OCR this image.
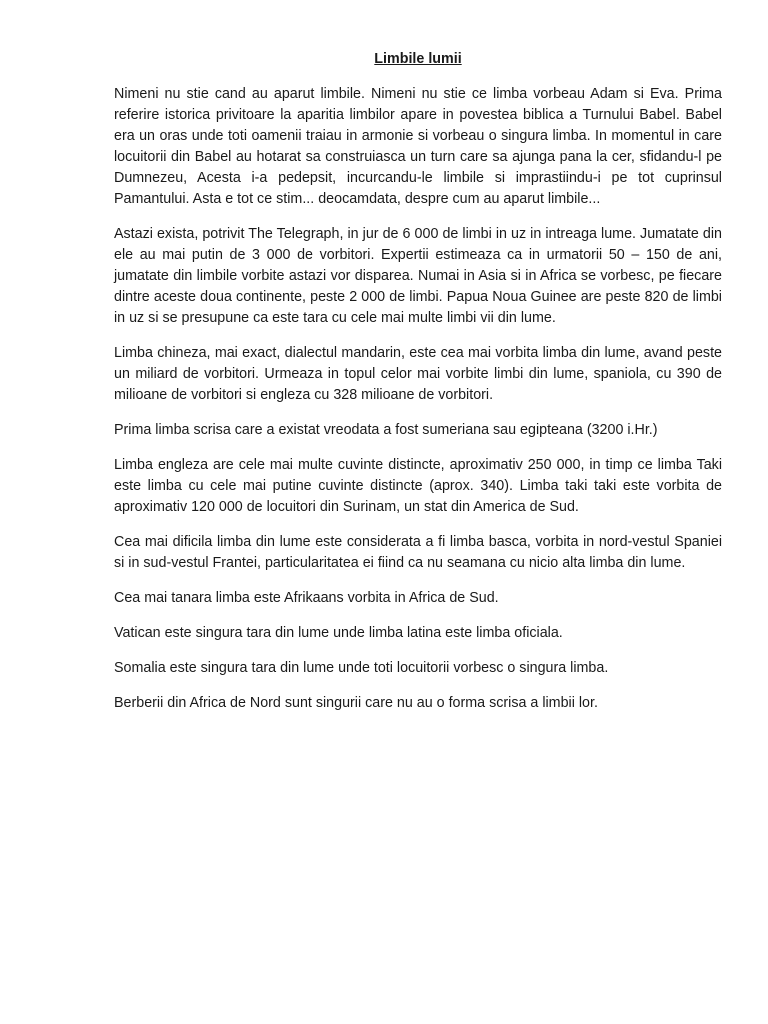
Limbile lumii

Nimeni nu stie cand au aparut limbile. Nimeni nu stie ce limba vorbeau Adam si Eva. Prima referire istorica privitoare la aparitia limbilor apare in povestea biblica a Turnului Babel. Babel era un oras unde toti oamenii traiau in armonie si vorbeau o singura limba. In momentul in care locuitorii din Babel au hotarat sa construiasca un turn care sa ajunga pana la cer, sfidandu-l pe Dumnezeu, Acesta i-a pedepsit, incurcandu-le limbile si imprastiindu-i pe tot cuprinsul Pamantului. Asta e tot ce stim... deocamdata, despre cum au aparut limbile...

Astazi exista, potrivit The Telegraph, in jur de 6 000 de limbi in uz in intreaga lume. Jumatate din ele au mai putin de 3 000 de vorbitori. Expertii estimeaza ca in urmatorii 50 – 150 de ani, jumatate din limbile vorbite astazi vor disparea. Numai in Asia si in Africa se vorbesc, pe fiecare dintre aceste doua continente, peste 2 000 de limbi. Papua Noua Guinee are peste 820 de limbi in uz si se presupune ca este tara cu cele mai multe limbi vii din lume.

Limba chineza, mai exact, dialectul mandarin, este cea mai vorbita limba din lume, avand peste un miliard de vorbitori. Urmeaza in topul celor mai vorbite limbi din lume, spaniola, cu 390 de milioane de vorbitori si engleza cu 328 milioane de vorbitori.

Prima limba scrisa care a existat vreodata a fost sumeriana sau egipteana (3200 i.Hr.)

Limba engleza are cele mai multe cuvinte distincte, aproximativ 250 000, in timp ce limba Taki este limba cu cele mai putine cuvinte distincte (aprox. 340). Limba taki taki este vorbita de aproximativ 120 000 de locuitori din Surinam, un stat din America de Sud.

Cea mai dificila limba din lume este considerata a fi limba basca, vorbita in nord-vestul Spaniei si in sud-vestul Frantei, particularitatea ei fiind ca nu seamana cu nicio alta limba din lume.

Cea mai tanara limba este Afrikaans vorbita in Africa de Sud.

Vatican este singura tara din lume unde limba latina este limba oficiala.

Somalia este singura tara din lume unde toti locuitorii vorbesc o singura limba.

Berberii din Africa de Nord sunt singurii care nu au o forma scrisa a limbii lor.
